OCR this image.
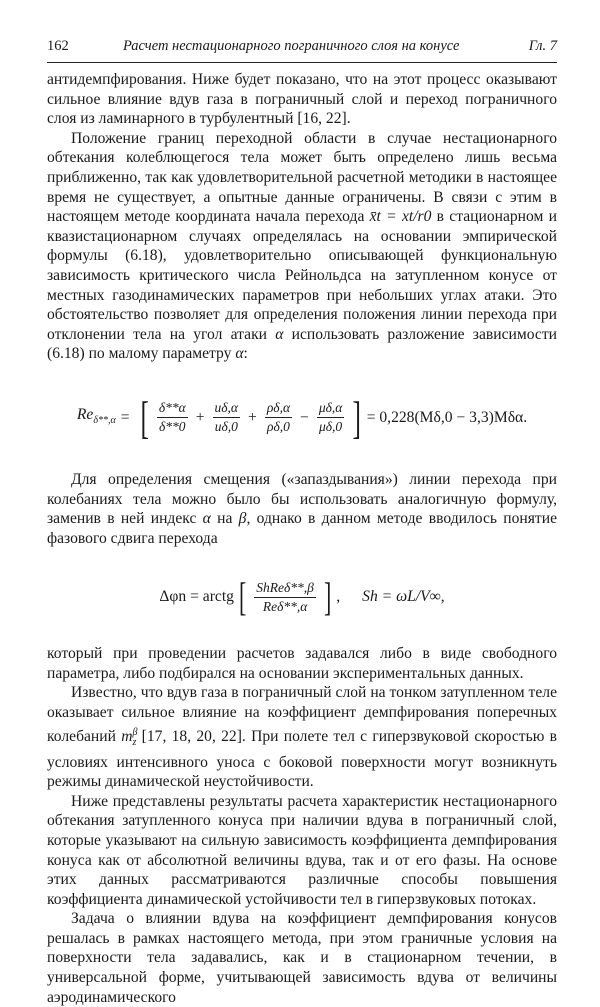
162	Расчет нестационарного пограничного слоя на конусе	Гл. 7

антидемпфирования. Ниже будет показано, что на этот процесс оказывают сильное влияние вдув газа в пограничный слой и переход пограничного слоя из ламинарного в турбулентный [16, 22].

Положение границ переходной области в случае нестационарного обтекания колеблющегося тела может быть определено лишь весьма приближенно, так как удовлетворительной расчетной методики в настоящее время не существует, а опытные данные ограничены. В связи с этим в настоящем методе координата начала перехода x̄t = xt/r0 в стационарном и квазистационарном случаях определялась на основании эмпирической формулы (6.18), удовлетворительно описывающей функциональную зависимость критического числа Рейнольдса на затупленном конусе от местных газодинамических параметров при небольших углах атаки. Это обстоятельство позволяет для определения положения линии перехода при отклонении тела на угол атаки α использовать разложение зависимости (6.18) по малому параметру α:

$Re_{\delta**,\alpha}$ = [ $\frac{\delta**\alpha}{\delta**0} + \frac{u\delta,\alpha}{u\delta,0} + \frac{\rho\delta,\alpha}{\rho\delta,0} - \frac{\mu\delta,\alpha}{\mu\delta,0}$ ] = 0,228(Mδ,0 − 3,3)Mδα.

Для определения смещения («запаздывания») линии перехода при колебаниях тела можно было бы использовать аналогичную формулу, заменив в ней индекс α на β, однако в данном методе вводилось понятие фазового сдвига перехода

Δφn = arctg [ $\frac{\text{ShReδ**,β}}{\text{Reδ**,α}}$ ] , Sh = ωL/V∞,

который при проведении расчетов задавался либо в виде свободного параметра, либо подбирался на основании экспериментальных данных.

Известно, что вдув газа в пограничный слой на тонком затупленном теле оказывает сильное влияние на коэффициент демпфирования поперечных колебаний $m^\beta_z$ [17, 18, 20, 22]. При полете тел с гиперзвуковой скоростью в условиях интенсивного уноса с боковой поверхности могут возникнуть режимы динамической неустойчивости.

Ниже представлены результаты расчета характеристик нестационарного обтекания затупленного конуса при наличии вдува в пограничный слой, которые указывают на сильную зависимость коэффициента демпфирования конуса как от абсолютной величины вдува, так и от его фазы. На основе этих данных рассматриваются различные способы повышения коэффициента динамической устойчивости тел в гиперзвуковых потоках.

Задача о влиянии вдува на коэффициент демпфирования конусов решалась в рамках настоящего метода, при этом граничные условия на поверхности тела задавались, как и в стационарном течении, в универсальной форме, учитывающей зависимость вдува от величины аэродинамического
